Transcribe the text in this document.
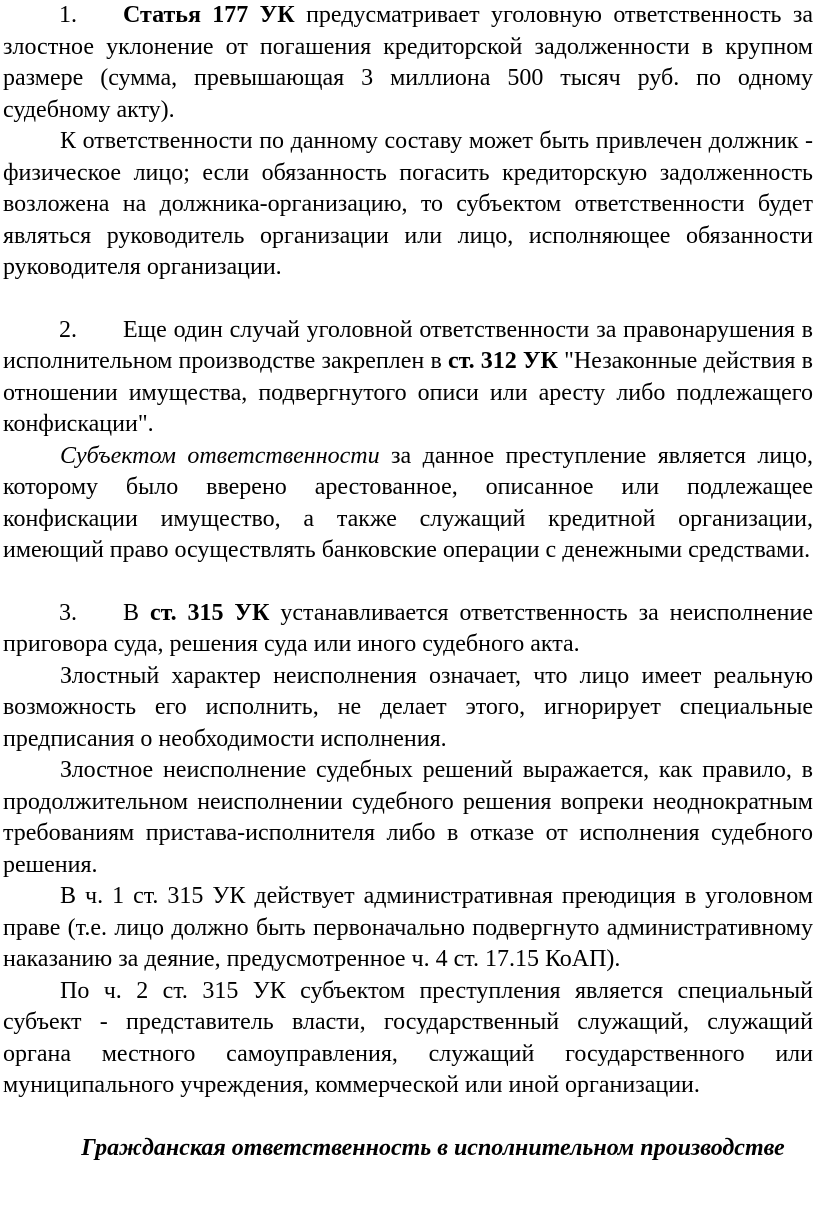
1. Статья 177 УК предусматривает уголовную ответственность за злостное уклонение от погашения кредиторской задолженности в крупном размере (сумма, превышающая 3 миллиона 500 тысяч руб. по одному судебному акту).

К ответственности по данному составу может быть привлечен должник - физическое лицо; если обязанность погасить кредиторскую задолженность возложена на должника-организацию, то субъектом ответственности будет являться руководитель организации или лицо, исполняющее обязанности руководителя организации.

2. Еще один случай уголовной ответственности за правонарушения в исполнительном производстве закреплен в ст. 312 УК "Незаконные действия в отношении имущества, подвергнутого описи или аресту либо подлежащего конфискации".

Субъектом ответственности за данное преступление является лицо, которому было вверено арестованное, описанное или подлежащее конфискации имущество, а также служащий кредитной организации, имеющий право осуществлять банковские операции с денежными средствами.

3. В ст. 315 УК устанавливается ответственность за неисполнение приговора суда, решения суда или иного судебного акта.

Злостный характер неисполнения означает, что лицо имеет реальную возможность его исполнить, не делает этого, игнорирует специальные предписания о необходимости исполнения.

Злостное неисполнение судебных решений выражается, как правило, в продолжительном неисполнении судебного решения вопреки неоднократным требованиям пристава-исполнителя либо в отказе от исполнения судебного решения.

В ч. 1 ст. 315 УК действует административная преюдиция в уголовном праве (т.е. лицо должно быть первоначально подвергнуто административному наказанию за деяние, предусмотренное ч. 4 ст. 17.15 КоАП).

По ч. 2 ст. 315 УК субъектом преступления является специальный субъект - представитель власти, государственный служащий, служащий органа местного самоуправления, служащий государственного или муниципального учреждения, коммерческой или иной организации.

Гражданская ответственность в исполнительном производстве
